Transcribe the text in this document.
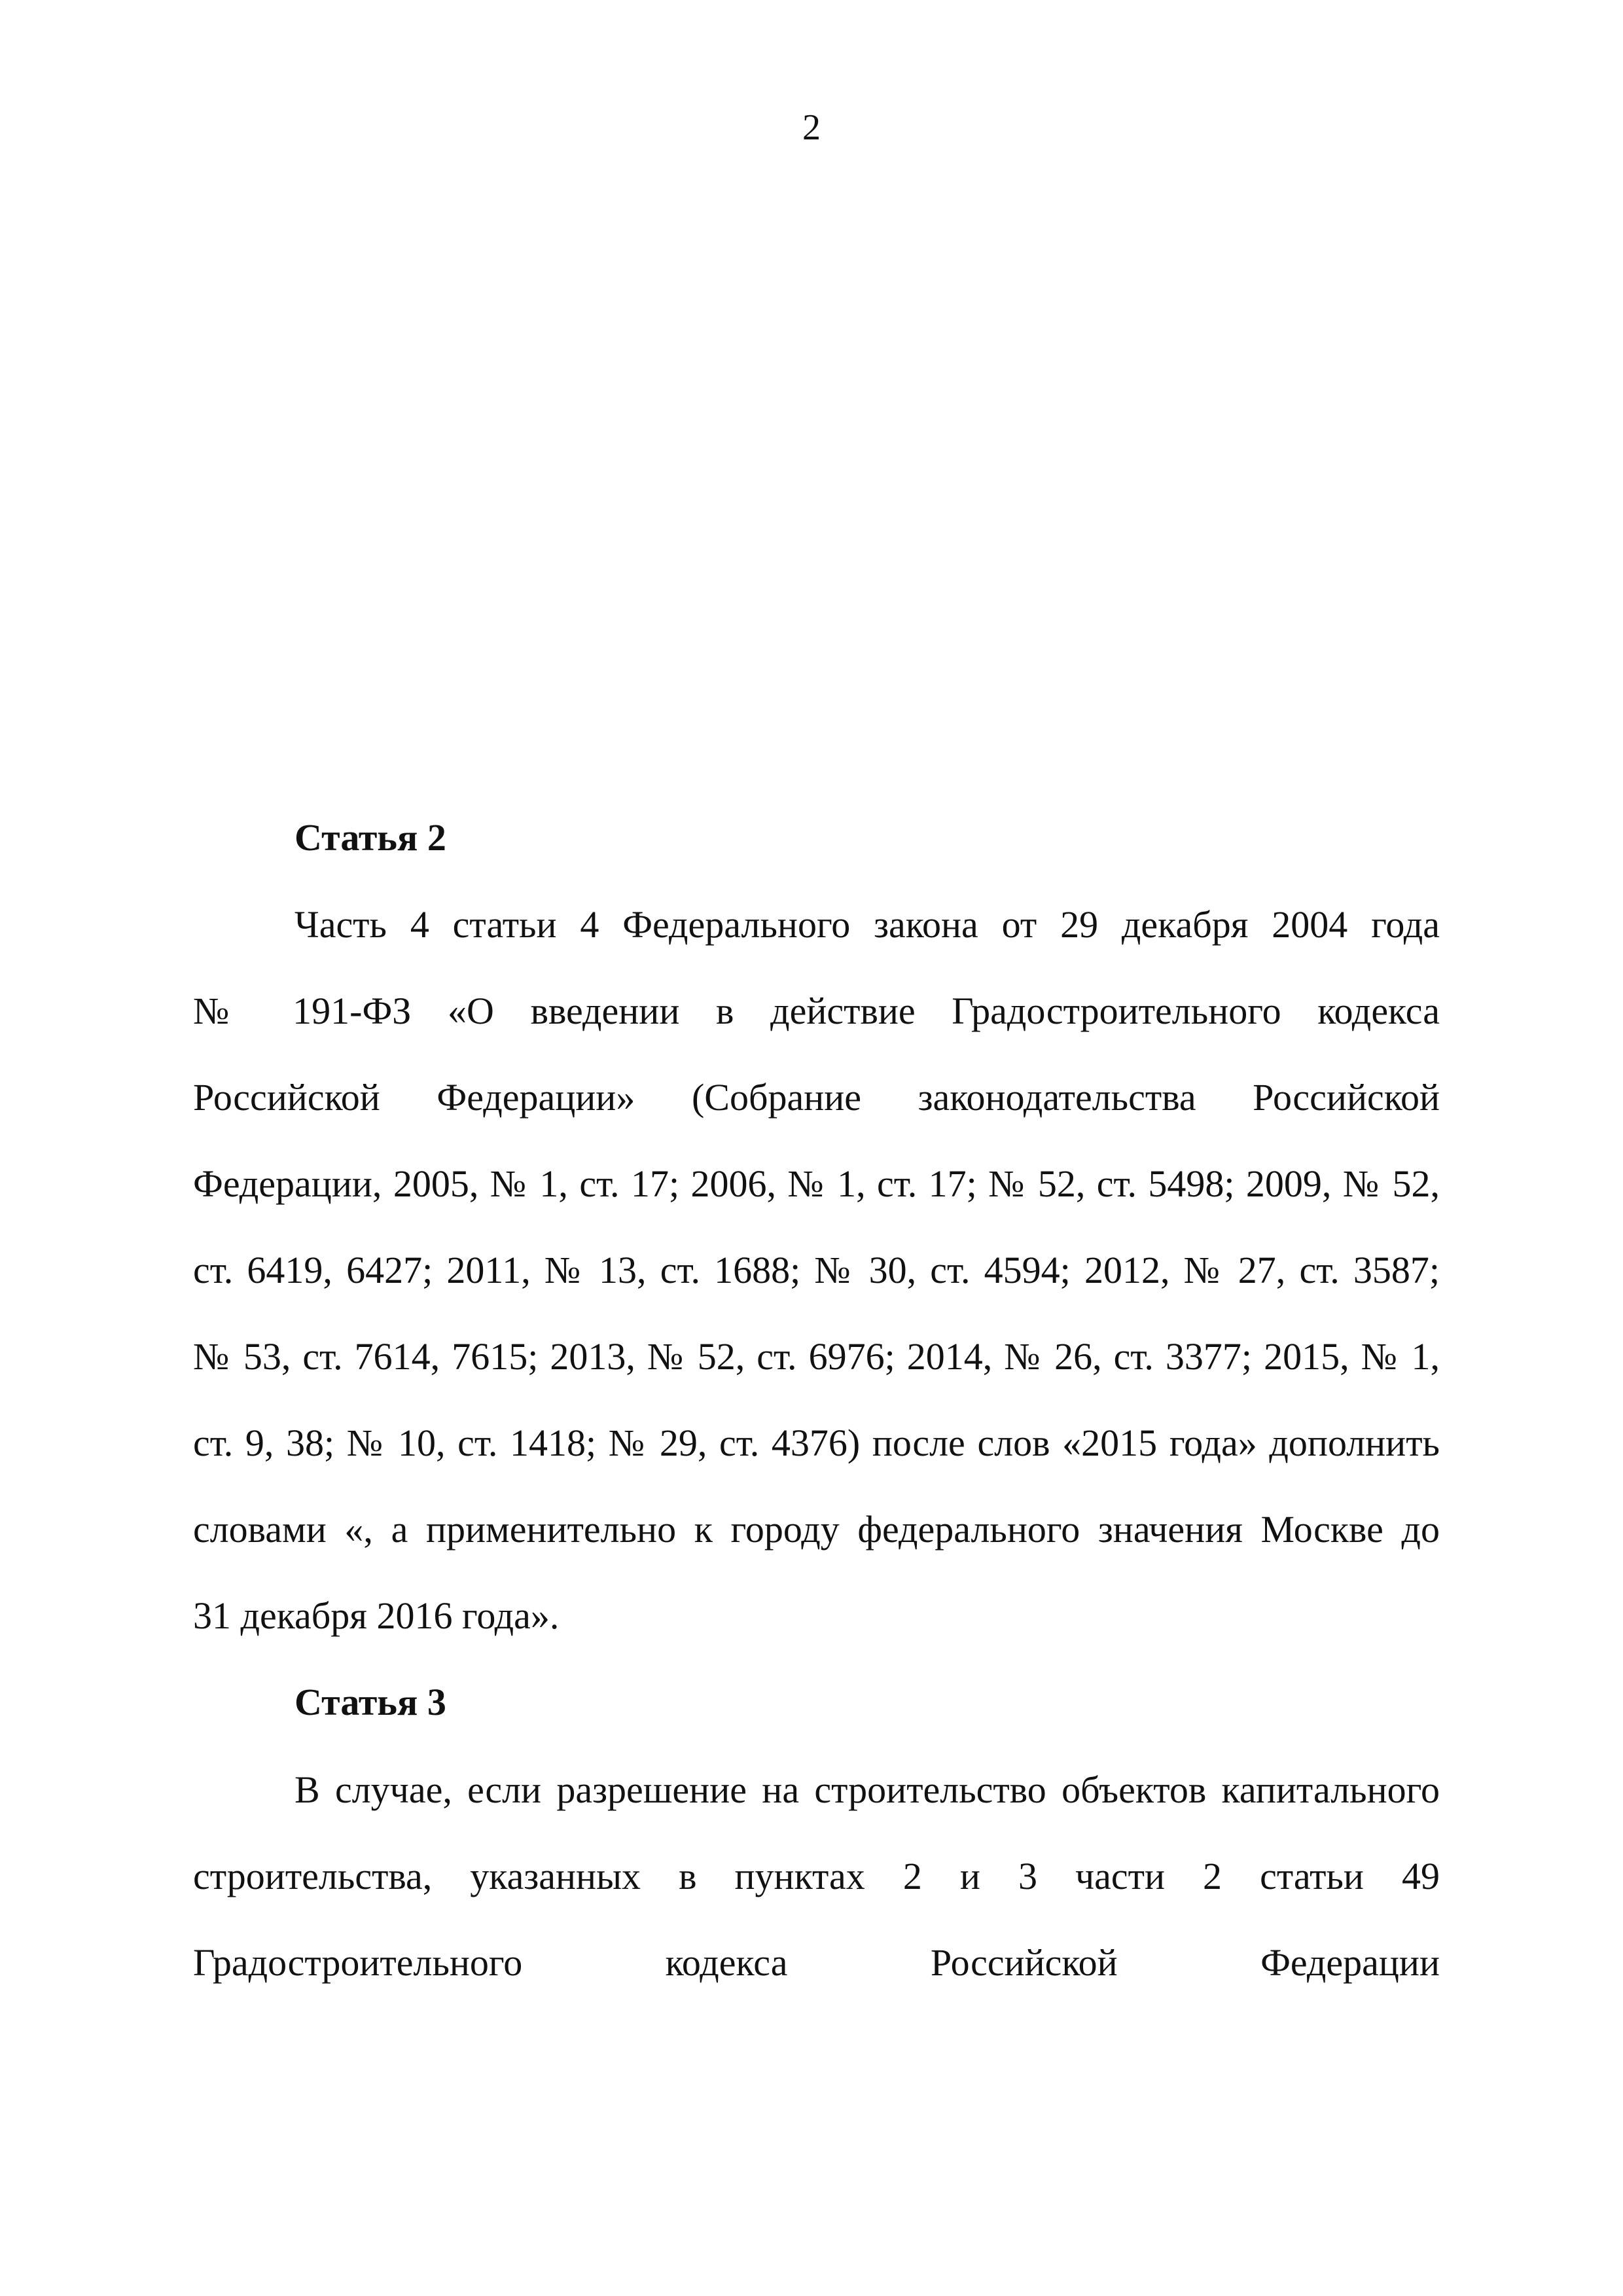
2
Статья 2
Часть 4 статьи 4 Федерального закона от 29 декабря 2004 года
№ 191-ФЗ «О введении в действие Градостроительного кодекса
Российской Федерации» (Собрание законодательства Российской
Федерации, 2005, № 1, ст. 17; 2006, № 1, ст. 17; № 52, ст. 5498; 2009, № 52,
ст. 6419, 6427; 2011, № 13, ст. 1688; № 30, ст. 4594; 2012, № 27, ст. 3587;
№ 53, ст. 7614, 7615; 2013, № 52, ст. 6976; 2014, № 26, ст. 3377; 2015, № 1,
ст. 9, 38; № 10, ст. 1418; № 29, ст. 4376) после слов «2015 года» дополнить
словами «, а применительно к городу федерального значения Москве до
31 декабря 2016 года».
Статья 3
В случае, если разрешение на строительство объектов капитального
строительства, указанных в пунктах 2 и 3 части 2 статьи 49
Градостроительного кодекса Российской Федерации
